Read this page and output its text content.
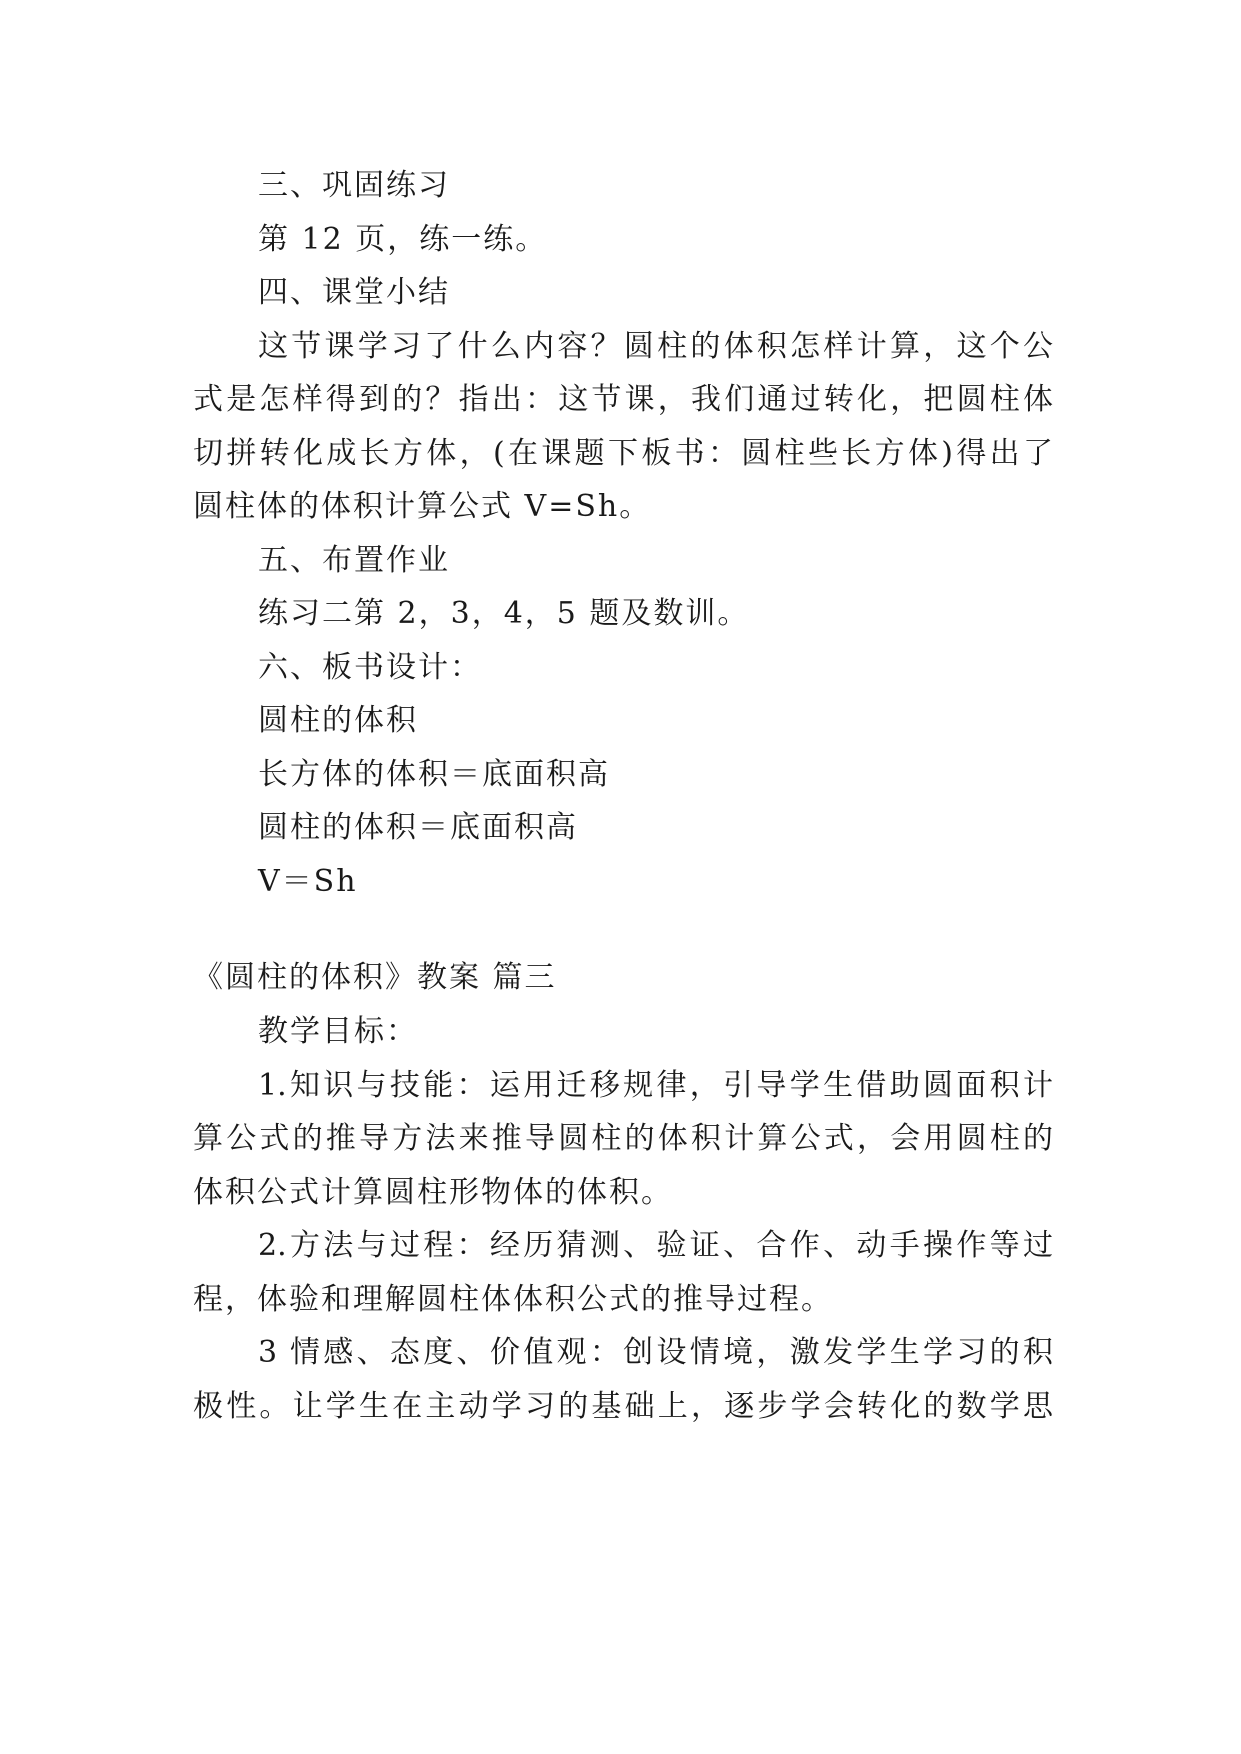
三、巩固练习
第 12 页，练一练。
四、课堂小结
这节课学习了什么内容？圆柱的体积怎样计算，这个公
式是怎样得到的？指出：这节课，我们通过转化，把圆柱体
切拼转化成长方体，(在课题下板书：圆柱些长方体)得出了
圆柱体的体积计算公式 V=Sh。
五、布置作业
练习二第 2，3，4，5 题及数训。
六、板书设计：
圆柱的体积
长方体的体积＝底面积高
圆柱的体积＝底面积高
V＝Sh
《圆柱的体积》教案 篇三
教学目标：
1.知识与技能：运用迁移规律，引导学生借助圆面积计
算公式的推导方法来推导圆柱的体积计算公式，会用圆柱的
体积公式计算圆柱形物体的体积。
2.方法与过程：经历猜测、验证、合作、动手操作等过
程，体验和理解圆柱体体积公式的推导过程。
3 情感、态度、价值观：创设情境，激发学生学习的积
极性。让学生在主动学习的基础上，逐步学会转化的数学思
